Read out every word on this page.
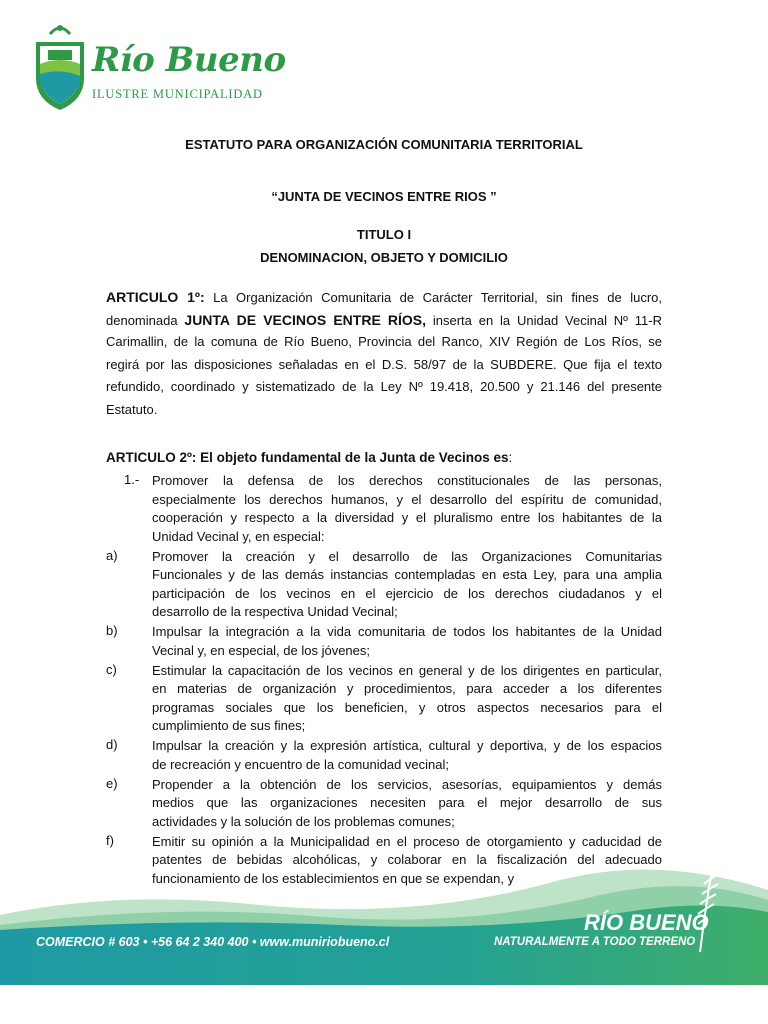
Río Bueno
ILUSTRE MUNICIPALIDAD
ESTATUTO PARA ORGANIZACIÓN COMUNITARIA TERRITORIAL
“JUNTA DE VECINOS ENTRE RIOS ”
TITULO I
DENOMINACION, OBJETO Y DOMICILIO
ARTICULO 1º: La Organización Comunitaria de Carácter Territorial, sin fines de lucro,
denominada JUNTA DE VECINOS ENTRE RÍOS, inserta en la Unidad Vecinal Nº 11-R
Carimallin, de la comuna de Río Bueno, Provincia del Ranco, XIV Región de Los Ríos, se
regirá por las disposiciones señaladas en el D.S. 58/97 de la SUBDERE. Que fija el texto
refundido, coordinado y sistematizado de la Ley Nº 19.418, 20.500 y 21.146 del presente
Estatuto.
ARTICULO 2º: El objeto fundamental de la Junta de Vecinos es:
1.- Promover la defensa de los derechos constitucionales de las personas,
especialmente los derechos humanos, y el desarrollo del espíritu de comunidad,
cooperación y respecto a la diversidad y el pluralismo entre los habitantes de la
Unidad Vecinal y, en especial:
a)	Promover la creación y el desarrollo de las Organizaciones Comunitarias
Funcionales y de las demás instancias contempladas en esta Ley, para una amplia
participación de los vecinos en el ejercicio de los derechos ciudadanos y el
desarrollo de la respectiva Unidad Vecinal;
b)	Impulsar la integración a la vida comunitaria de todos los habitantes de la Unidad
Vecinal y, en especial, de los jóvenes;
c)	Estimular la capacitación de los vecinos en general y de los dirigentes en particular,
en materias de organización y procedimientos, para acceder a los diferentes
programas sociales que los beneficien, y otros aspectos necesarios para el
cumplimiento de sus fines;
d)	Impulsar la creación y la expresión artística, cultural y deportiva, y de los espacios
de recreación y encuentro de la comunidad vecinal;
e)	Propender a la obtención de los servicios, asesorías, equipamientos y demás
medios que las organizaciones necesiten para el mejor desarrollo de sus
actividades y la solución de los problemas comunes;
f)	Emitir su opinión a la Municipalidad en el proceso de otorgamiento y caducidad de
patentes de bebidas alcohólicas, y colaborar en la fiscalización del adecuado
funcionamiento de los establecimientos en que se expendan, y
COMERCIO # 603 • +56 64 2 340 400 • www.muniriobueno.cl
RÍO BUENO
NATURALMENTE A TODO TERRENO
